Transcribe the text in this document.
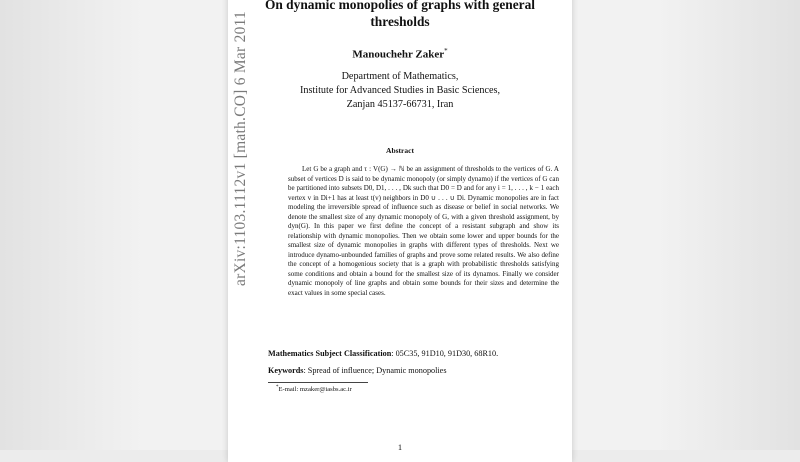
On dynamic monopolies of graphs with general thresholds
Manouchehr Zaker*
Department of Mathematics,
Institute for Advanced Studies in Basic Sciences,
Zanjan 45137-66731, Iran
Abstract

Let G be a graph and τ : V(G) → ℕ be an assignment of thresholds to the vertices of G. A subset of vertices D is said to be dynamic monopoly (or simply dynamo) if the vertices of G can be partitioned into subsets D0, D1, . . . , Dk such that D0 = D and for any i = 1, . . . , k − 1 each vertex v in Di+1 has at least t(v) neighbors in D0 ∪ . . . ∪ Di. Dynamic monopolies are in fact modeling the irreversible spread of influence such as disease or belief in social networks. We denote the smallest size of any dynamic monopoly of G, with a given threshold assignment, by dyn(G). In this paper we first define the concept of a resistant subgraph and show its relationship with dynamic monopolies. Then we obtain some lower and upper bounds for the smallest size of dynamic monopolies in graphs with different types of thresholds. Next we introduce dynamo-unbounded families of graphs and prove some related results. We also define the concept of a homogenious society that is a graph with probabilistic thresholds satisfying some conditions and obtain a bound for the smallest size of its dynamos. Finally we consider dynamic monopoly of line graphs and obtain some bounds for their sizes and determine the exact values in some special cases.

Mathematics Subject Classification: 05C35, 91D10, 91D30, 68R10.
Keywords: Spread of influence; Dynamic monopolies
*E-mail: mzaker@iasbs.ac.ir
1
arXiv:1103.1112v1 [math.CO] 6 Mar 2011
